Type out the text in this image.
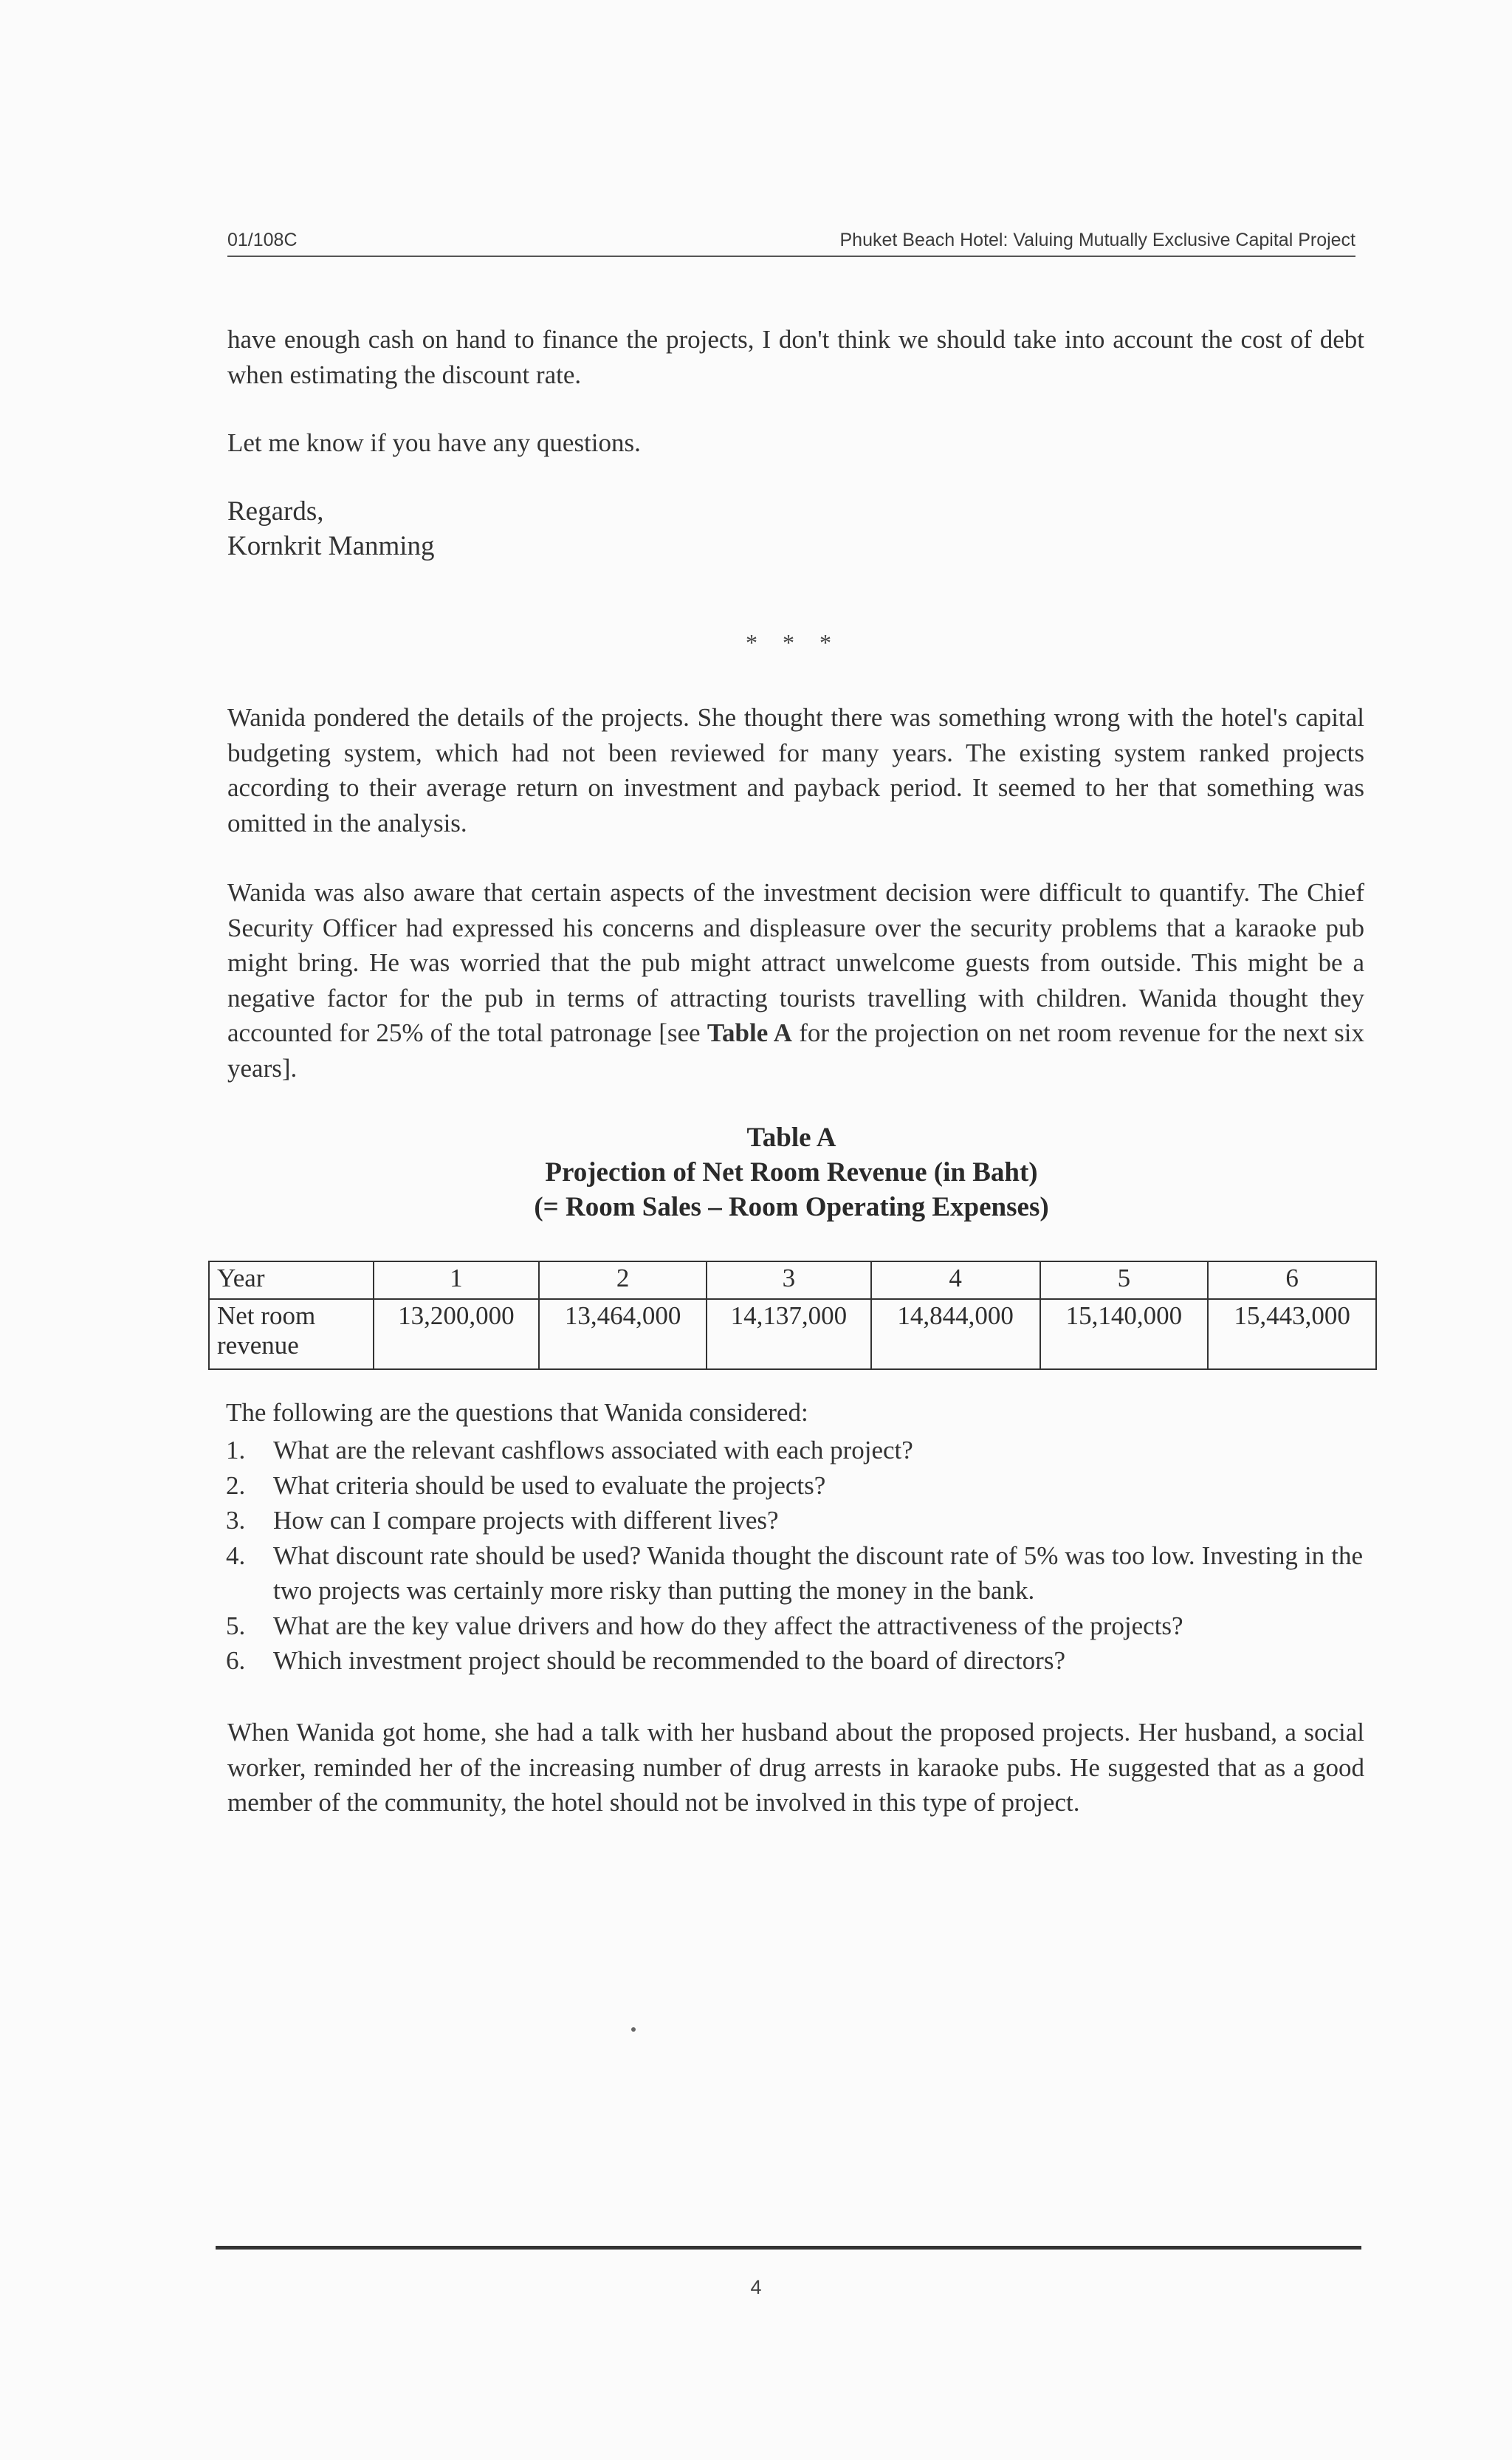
01/108C	Phuket Beach Hotel: Valuing Mutually Exclusive Capital Project

have enough cash on hand to finance the projects, I don't think we should take into account the cost of debt when estimating the discount rate.

Let me know if you have any questions.

Regards,

Kornkrit Manming

* * *

Wanida pondered the details of the projects. She thought there was something wrong with the hotel's capital budgeting system, which had not been reviewed for many years. The existing system ranked projects according to their average return on investment and payback period. It seemed to her that something was omitted in the analysis.

Wanida was also aware that certain aspects of the investment decision were difficult to quantify. The Chief Security Officer had expressed his concerns and displeasure over the security problems that a karaoke pub might bring. He was worried that the pub might attract unwelcome guests from outside. This might be a negative factor for the pub in terms of attracting tourists travelling with children. Wanida thought they accounted for 25% of the total patronage [see Table A for the projection on net room revenue for the next six years].

Table A
Projection of Net Room Revenue (in Baht)
(= Room Sales – Room Operating Expenses)
Year	1	2	3	4	5	6

Net room
revenue	13,200,000	13,464,000	14,137,000	14,844,000	15,140,000	15,443,000
The following are the questions that Wanida considered:
1. What are the relevant cashflows associated with each project?
2. What criteria should be used to evaluate the projects?
3. How can I compare projects with different lives?
4. What discount rate should be used? Wanida thought the discount rate of 5% was too low. Investing in the two projects was certainly more risky than putting the money in the bank.
5. What are the key value drivers and how do they affect the attractiveness of the projects?
6. Which investment project should be recommended to the board of directors?

When Wanida got home, she had a talk with her husband about the proposed projects. Her husband, a social worker, reminded her of the increasing number of drug arrests in karaoke pubs. He suggested that as a good member of the community, the hotel should not be involved in this type of project.

4
